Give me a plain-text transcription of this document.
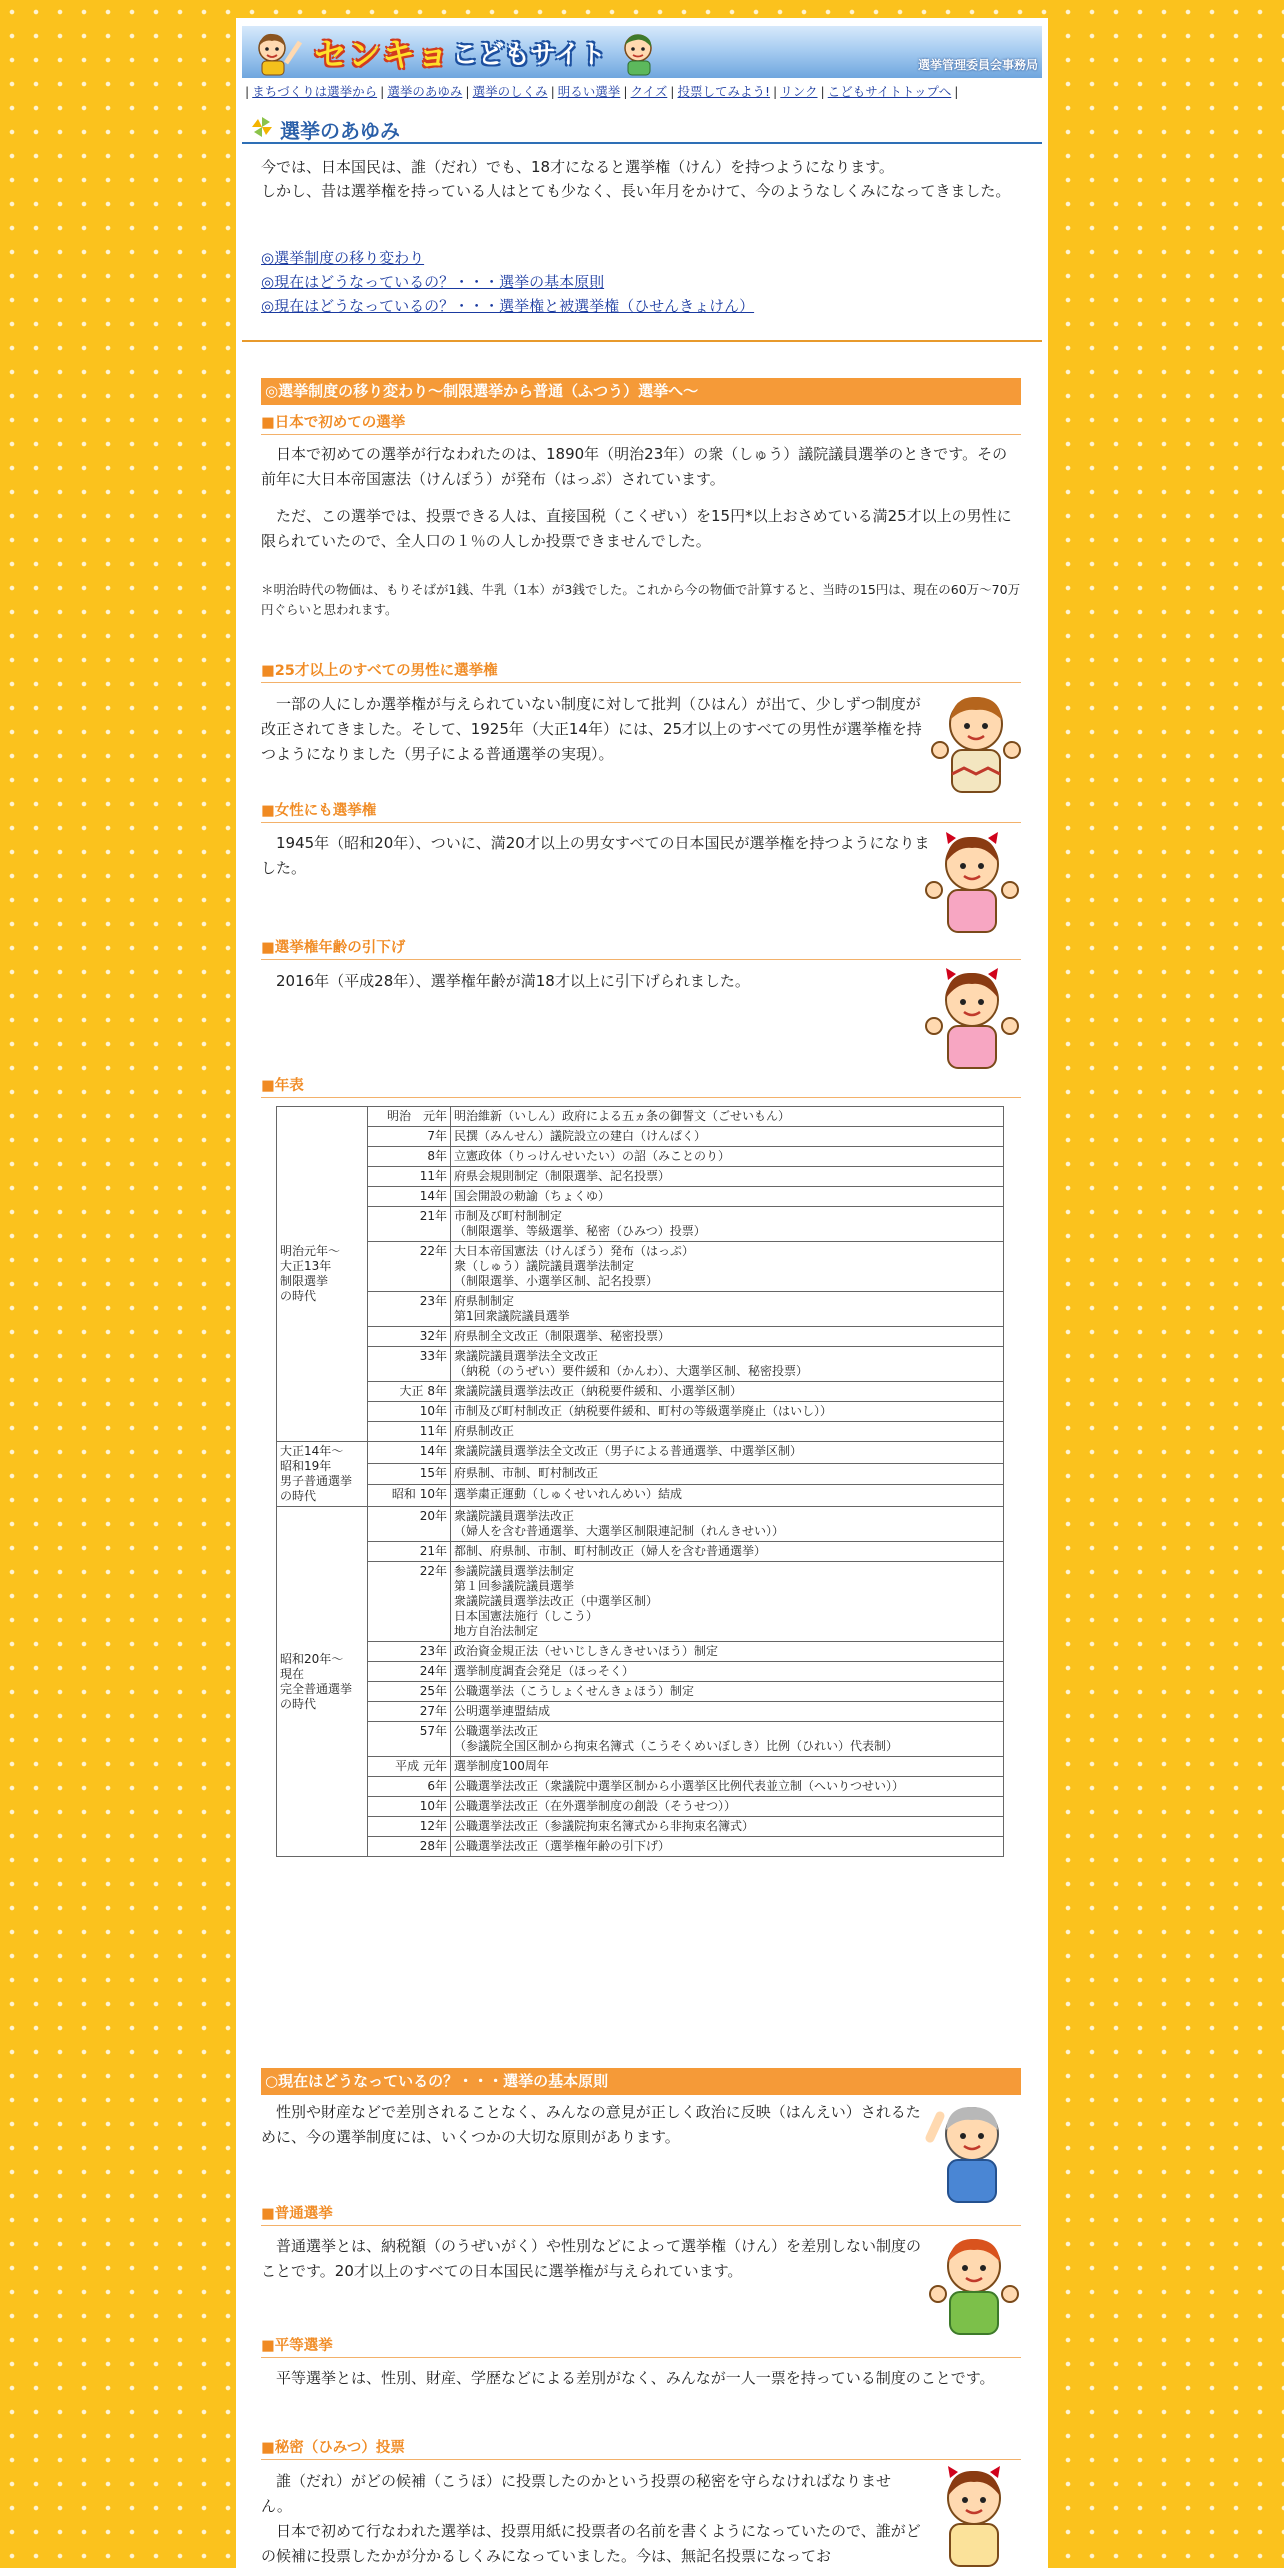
センキョ こどもサイト	選挙管理委員会事務局
| まちづくりは選挙から | 選挙のあゆみ | 選挙のしくみ | 明るい選挙 | クイズ | 投票してみよう! | リンク | こどもサイトトップへ |
選挙のあゆみ

今では、日本国民は、誰（だれ）でも、18才になると選挙権（けん）を持つようになります。

しかし、昔は選挙権を持っている人はとても少なく、長い年月をかけて、今のようなしくみになってきました。

◎選挙制度の移り変わり
◎現在はどうなっているの？・・・選挙の基本原則
◎現在はどうなっているの？・・・選挙権と被選挙権（ひせんきょけん）
◎選挙制度の移り変わり～制限選挙から普通（ふつう）選挙へ～
■日本で初めての選挙

　日本で初めての選挙が行なわれたのは、1890年（明治23年）の衆（しゅう）議院議員選挙のときです。その前年に大日本帝国憲法（けんぽう）が発布（はっぷ）されています。

　ただ、この選挙では、投票できる人は、直接国税（こくぜい）を15円*以上おさめている満25才以上の男性に限られていたので、全人口の１％の人しか投票できませんでした。

＊明治時代の物価は、もりそばが1銭、牛乳（1本）が3銭でした。これから今の物価で計算すると、当時の15円は、現在の60万～70万円ぐらいと思われます。
■25才以上のすべての男性に選挙権

　一部の人にしか選挙権が与えられていない制度に対して批判（ひはん）が出て、少しずつ制度が改正されてきました。そして、1925年（大正14年）には、25才以上のすべての男性が選挙権を持つようになりました（男子による普通選挙の実現）。

■女性にも選挙権

　1945年（昭和20年）、ついに、満20才以上の男女すべての日本国民が選挙権を持つようになりました。

■選挙権年齢の引下げ

　2016年（平成28年）、選挙権年齢が満18才以上に引下げられました。

■年表
明治元年～
大正13年
制限選挙
の時代	明治　元年	明治維新（いしん）政府による五ヵ条の御誓文（ごせいもん）
	7年	民撰（みんせん）議院設立の建白（けんぱく）
	8年	立憲政体（りっけんせいたい）の詔（みことのり）
	11年	府県会規則制定（制限選挙、記名投票）
	14年	国会開設の勅諭（ちょくゆ）
	21年	市制及び町村制制定
（制限選挙、等級選挙、秘密（ひみつ）投票）
	22年	大日本帝国憲法（けんぽう）発布（はっぷ）
衆（しゅう）議院議員選挙法制定
（制限選挙、小選挙区制、記名投票）
	23年	府県制制定
第1回衆議院議員選挙
	32年	府県制全文改正（制限選挙、秘密投票）
	33年	衆議院議員選挙法全文改正
（納税（のうぜい）要件緩和（かんわ）、大選挙区制、秘密投票）
	大正 8年	衆議院議員選挙法改正（納税要件緩和、小選挙区制）
	10年	市制及び町村制改正（納税要件緩和、町村の等級選挙廃止（はいし））
	11年	府県制改正
大正14年～
昭和19年
男子普通選挙
の時代	14年	衆議院議員選挙法全文改正（男子による普通選挙、中選挙区制）
	15年	府県制、市制、町村制改正
	昭和 10年	選挙粛正運動（しゅくせいれんめい）結成
昭和20年～
現在
完全普通選挙
の時代	20年	衆議院議員選挙法改正
（婦人を含む普通選挙、大選挙区制限連記制（れんきせい））
	21年	都制、府県制、市制、町村制改正（婦人を含む普通選挙）
	22年	参議院議員選挙法制定
第１回参議院議員選挙
衆議院議員選挙法改正（中選挙区制）
日本国憲法施行（しこう）
地方自治法制定
	23年	政治資金規正法（せいじしきんきせいほう）制定
	24年	選挙制度調査会発足（ほっそく）
	25年	公職選挙法（こうしょくせんきょほう）制定
	27年	公明選挙連盟結成
	57年	公職選挙法改正
（参議院全国区制から拘束名簿式（こうそくめいぼしき）比例（ひれい）代表制）
	平成 元年	選挙制度100周年
	6年	公職選挙法改正（衆議院中選挙区制から小選挙区比例代表並立制（へいりつせい））
	10年	公職選挙法改正（在外選挙制度の創設（そうせつ））
	12年	公職選挙法改正（参議院拘束名簿式から非拘束名簿式）
	28年	公職選挙法改正（選挙権年齢の引下げ）
○現在はどうなっているの？・・・選挙の基本原則

　性別や財産などで差別されることなく、みんなの意見が正しく政治に反映（はんえい）されるために、今の選挙制度には、いくつかの大切な原則があります。

■普通選挙

　普通選挙とは、納税額（のうぜいがく）や性別などによって選挙権（けん）を差別しない制度のことです。20才以上のすべての日本国民に選挙権が与えられています。

■平等選挙

　平等選挙とは、性別、財産、学歴などによる差別がなく、みんなが一人一票を持っている制度のことです。

■秘密（ひみつ）投票

　誰（だれ）がどの候補（こうほ）に投票したのかという投票の秘密を守らなければなりません。

　日本で初めて行なわれた選挙は、投票用紙に投票者の名前を書くようになっていたので、誰がどの候補に投票したかが分かるしくみになっていました。今は、無記名投票になってお
